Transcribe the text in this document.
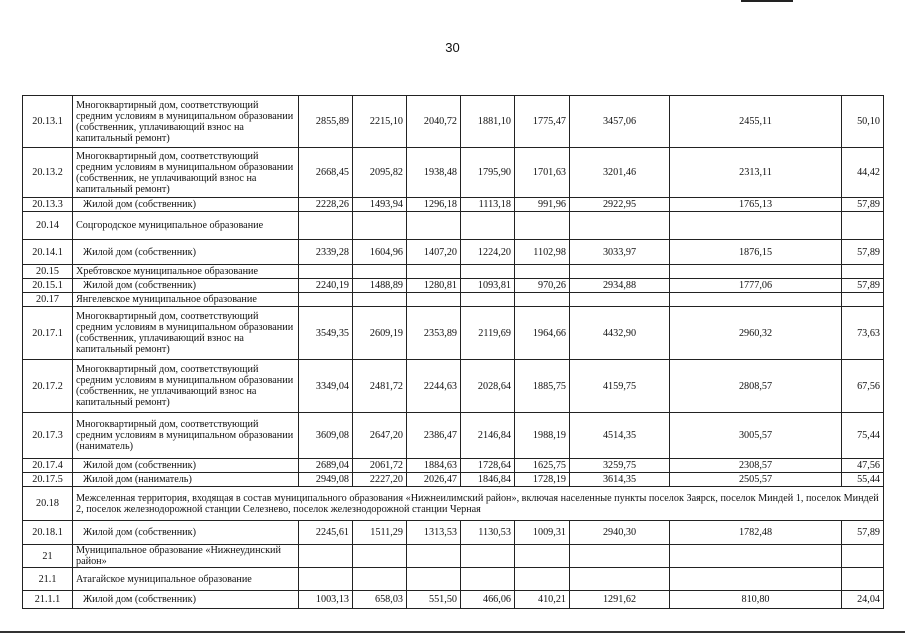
30
20.13.1	Многоквартирный дом, соответствующий средним условиям в муниципальном образовании (собственник, уплачивающий взнос на капитальный ремонт)	2855,89	2215,10	2040,72	1881,10	1775,47	3457,06	2455,11	50,10
20.13.2	Многоквартирный дом, соответствующий средним условиям в муниципальном образовании (собственник, не уплачивающий взнос на капитальный ремонт)	2668,45	2095,82	1938,48	1795,90	1701,63	3201,46	2313,11	44,42
20.13.3	Жилой дом (собственник)	2228,26	1493,94	1296,18	1113,18	991,96	2922,95	1765,13	57,89
20.14	Соцгородское муниципальное образование								
20.14.1	Жилой дом (собственник)	2339,28	1604,96	1407,20	1224,20	1102,98	3033,97	1876,15	57,89
20.15	Хребтовское муниципальное образование								
20.15.1	Жилой дом (собственник)	2240,19	1488,89	1280,81	1093,81	970,26	2934,88	1777,06	57,89
20.17	Янгелевское муниципальное образование								
20.17.1	Многоквартирный дом, соответствующий средним условиям в муниципальном образовании (собственник, уплачивающий взнос на капитальный ремонт)	3549,35	2609,19	2353,89	2119,69	1964,66	4432,90	2960,32	73,63
20.17.2	Многоквартирный дом, соответствующий средним условиям в муниципальном образовании (собственник, не уплачивающий взнос на капитальный ремонт)	3349,04	2481,72	2244,63	2028,64	1885,75	4159,75	2808,57	67,56
20.17.3	Многоквартирный дом, соответствующий средним условиям в муниципальном образовании (наниматель)	3609,08	2647,20	2386,47	2146,84	1988,19	4514,35	3005,57	75,44
20.17.4	Жилой дом (собственник)	2689,04	2061,72	1884,63	1728,64	1625,75	3259,75	2308,57	47,56
20.17.5	Жилой дом (наниматель)	2949,08	2227,20	2026,47	1846,84	1728,19	3614,35	2505,57	55,44
20.18	Межселенная территория, входящая в состав муниципального образования «Нижнеилимский район», включая населенные пункты поселок Заярск, поселок Миндей 1, поселок Миндей 2, поселок железнодорожной станции Селезнево, поселок железнодорожной станции Черная								
20.18.1	Жилой дом (собственник)	2245,61	1511,29	1313,53	1130,53	1009,31	2940,30	1782,48	57,89
21	Муниципальное образование «Нижнеудинский район»								
21.1	Атагайское муниципальное образование								
21.1.1	Жилой дом (собственник)	1003,13	658,03	551,50	466,06	410,21	1291,62	810,80	24,04
